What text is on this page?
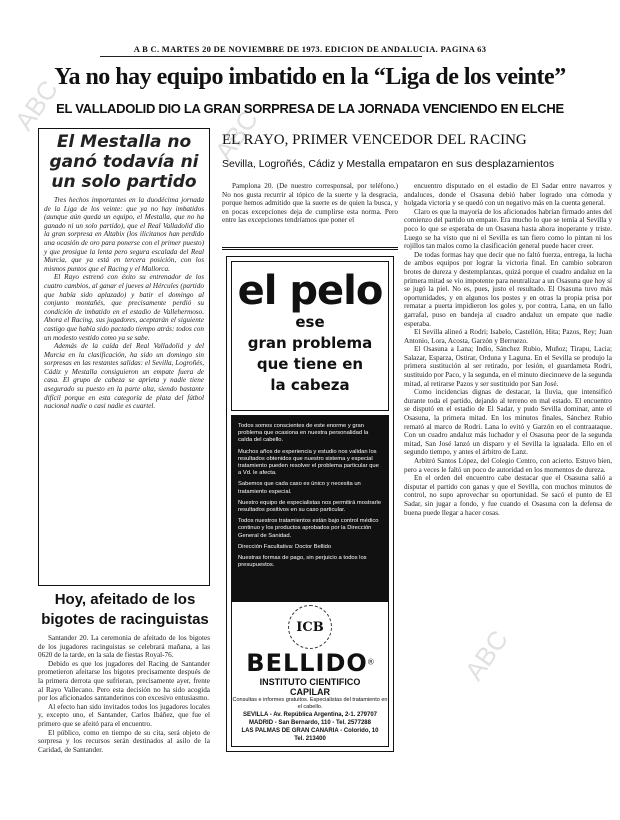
ABC	ABC
ABC
A B C. MARTES 20 DE NOVIEMBRE DE 1973. EDICION DE ANDALUCIA. PAGINA 63
Ya no hay equipo imbatido en la “Liga de los veinte”
EL VALLADOLID DIO LA GRAN SORPRESA DE LA JORNADA VENCIENDO EN ELCHE
El Mestalla no ganó todavía ni un solo partido

Tres hechos importantes en la duodécima jornada de la Liga de los veinte: que ya no hay imbatidos (aunque aún queda un equipo, el Mestalla, que no ha ganado ni un solo partido), que el Real Valladolid dio la gran sorpresa en Altabix (los ilicitanos han perdido una ocasión de oro para ponerse con el primer puesto) y que prosigue la lenta pero segura escalada del Real Murcia, que ya está en tercera posición, con los mismos puntos que el Racing y el Mallorca.

El Rayo estrenó con éxito su entrenador de los cuatro cambios, al ganar el jueves al Hércules (partido que había sido aplazado) y batir el domingo al conjunto montañés, que precisamente perdió su condición de imbatido en el estadio de Vallehermoso. Ahora el Racing, sus jugadores, aceptarán el siguiente castigo que había sido pactado tiempo atrás: todos con un modesto vestido como ya se sabe.

Además de la caída del Real Valladolid y del Murcia en la clasificación, ha sido un domingo sin sorpresas en las restantes salidas: el Sevilla, Logroñés, Cádiz y Mestalla consiguieron un empate fuera de casa. El grupo de cabeza se aprieta y nadie tiene asegurado su puesto en la parte alta, siendo bastante difícil porque en esta categoría de plata del fútbol nacional nadie o casi nadie es cuartel.

Hoy, afeitado de los bigotes de racinguistas

Santander 20. La ceremonia de afeitado de los bigotes de los jugadores racinguistas se celebrará mañana, a las 0620 de la tarde, en la sala de fiestas Royal-76.

Debido es que los jugadores del Racing de Santander prometieron afeitarse los bigotes precisamente después de la primera derrota que sufrieran, precisamente ayer, frente al Rayo Vallecano. Pero esta decisión no ha sido acogida por los aficionados santanderinos con excesivo entusiasmo.

Al efecto han sido invitados todos los jugadores locales y, excepto uno, el Santander, Carlos Ibáñez, que fue el primero que se afeitó para el encuentro.

El público, como en tiempo de su cita, será objeto de sorpresa y los recursos serán destinados al asilo de la Caridad, de Santander.

EL RAYO, PRIMER VENCEDOR DEL RACING
Sevilla, Logroñés, Cádiz y Mestalla empataron en sus desplazamientos

Pamplona 20. (De nuestro corresponsal, por teléfono.) No nos gusta recurrir al tópico de la suerte y la desgracia, porque hemos admitido que la suerte es de quien la busca, y en pocas excepciones deja de cumplirse esta norma. Pero entre las excepciones tendríamos que poner el

encuentro disputado en el estadio de El Sadar entre navarros y andaluces, donde el Osasuna debió haber logrado una cómoda y holgada victoria y se quedó con un negativo más en la cuenta general.

Claro es que la mayoría de los aficionados habrían firmado antes del comienzo del partido un empate. Era mucho lo que se temía al Sevilla y poco lo que se esperaba de un Osasuna hasta ahora inoperante y triste. Luego se ha visto que ni el Sevilla es tan fiero como lo pintan ni los rojillos tan malos como la clasificación general puede hacer creer.

De todas formas hay que decir que no faltó fuerza, entrega, la lucha de ambos equipos por lograr la victoria final. En cambio sobraron brotes de dureza y destemplanzas, quizá porque el cuadro andaluz en la primera mitad se vio impotente para neutralizar a un Osasuna que hoy sí se jugó la piel. No es, pues, justo el resultado. El Osasuna tuvo más oportunidades, y en algunos los postes y en otras la propia prisa por rematar a puerta impidieron los goles y, por contra, Lana, en un fallo garrafal, puso en bandeja al cuadro andaluz un empate que nadie esperaba.

El Sevilla alineó a Rodri; Isabelo, Castellón, Hita; Pazos, Rey; Juan Antonio, Lora, Acosta, Garzón y Berruezo.

El Osasuna a Lana; Indio, Sánchez Rubio, Muñoz; Tirapu, Lacia; Salazar, Esparza, Ostirar, Orduna y Laguna. En el Sevilla se produjo la primera sustitución al ser retirado, por lesión, el guardameta Rodri, sustituido por Paco, y la segunda, en el minuto diecinueve de la segunda mitad, al retirarse Pazos y ser sustituido por San José.

Como incidencias dignas de destacar, la lluvia, que intensificó durante toda el partido, dejando al terreno en mal estado. El encuentro se disputó en el estadio de El Sadar, y pudo Sevilla dominar, ante el Osasuna, la primera mitad. En los minutos finales, Sánchez Rubio remató al marco de Rodri. Lana lo evitó y Garzón en el contraataque. Con un cuadro andaluz más luchador y el Osasuna peor de la segunda mitad, San José lanzó un disparo y el Sevilla la igualada. Ello en el segundo tiempo, y antes el árbitro de Lanz.

Arbitró Santos López, del Colegio Centro, con acierto. Estuvo bien, pero a veces le faltó un poco de autoridad en los momentos de dureza.

En el orden del encuentro cabe destacar que el Osasuna salió a disputar el partido con ganas y que el Sevilla, con muchos minutos de control, no supo aprovechar su oportunidad. Se sacó el punto de El Sadar, sin jugar a fondo, y fue cuando el Osasuna con la defensa de buena puede llegar a hacer cosas.

el pelo
ese
gran problema
que tiene en
la cabeza

Todos somos conscientes de este enorme y gran problema que ocasiona en nuestra personalidad la caída del cabello.

Muchos años de experiencia y estudio nos validan los resultados obtenidos que nuestro sistema y especial tratamiento pueden resolver el problema particular que a Vd. le afecta.

Sabemos que cada caso es único y necesita un tratamiento especial.

Nuestro equipo de especialistas nos permitirá mostrarle resultados positivos en su caso particular.

Todos nuestros tratamientos están bajo control médico continuo y los productos aprobados por la Dirección General de Sanidad.

Dirección Facultativa: Doctor Bellido

Nuestras formas de pago, sin perjuicio a todos los presupuestos.

ICB
BELLIDO®
INSTITUTO CIENTIFICO
CAPILAR
Consultas e informes gratuitos. Especialistas del tratamiento en el cabello.
SEVILLA - Av. República Argentina, 2-1. 279707
MADRID - San Bernardo, 110 - Tel. 2577288
LAS PALMAS DE GRAN CANARIA - Colorido, 10
Tel. 213400
